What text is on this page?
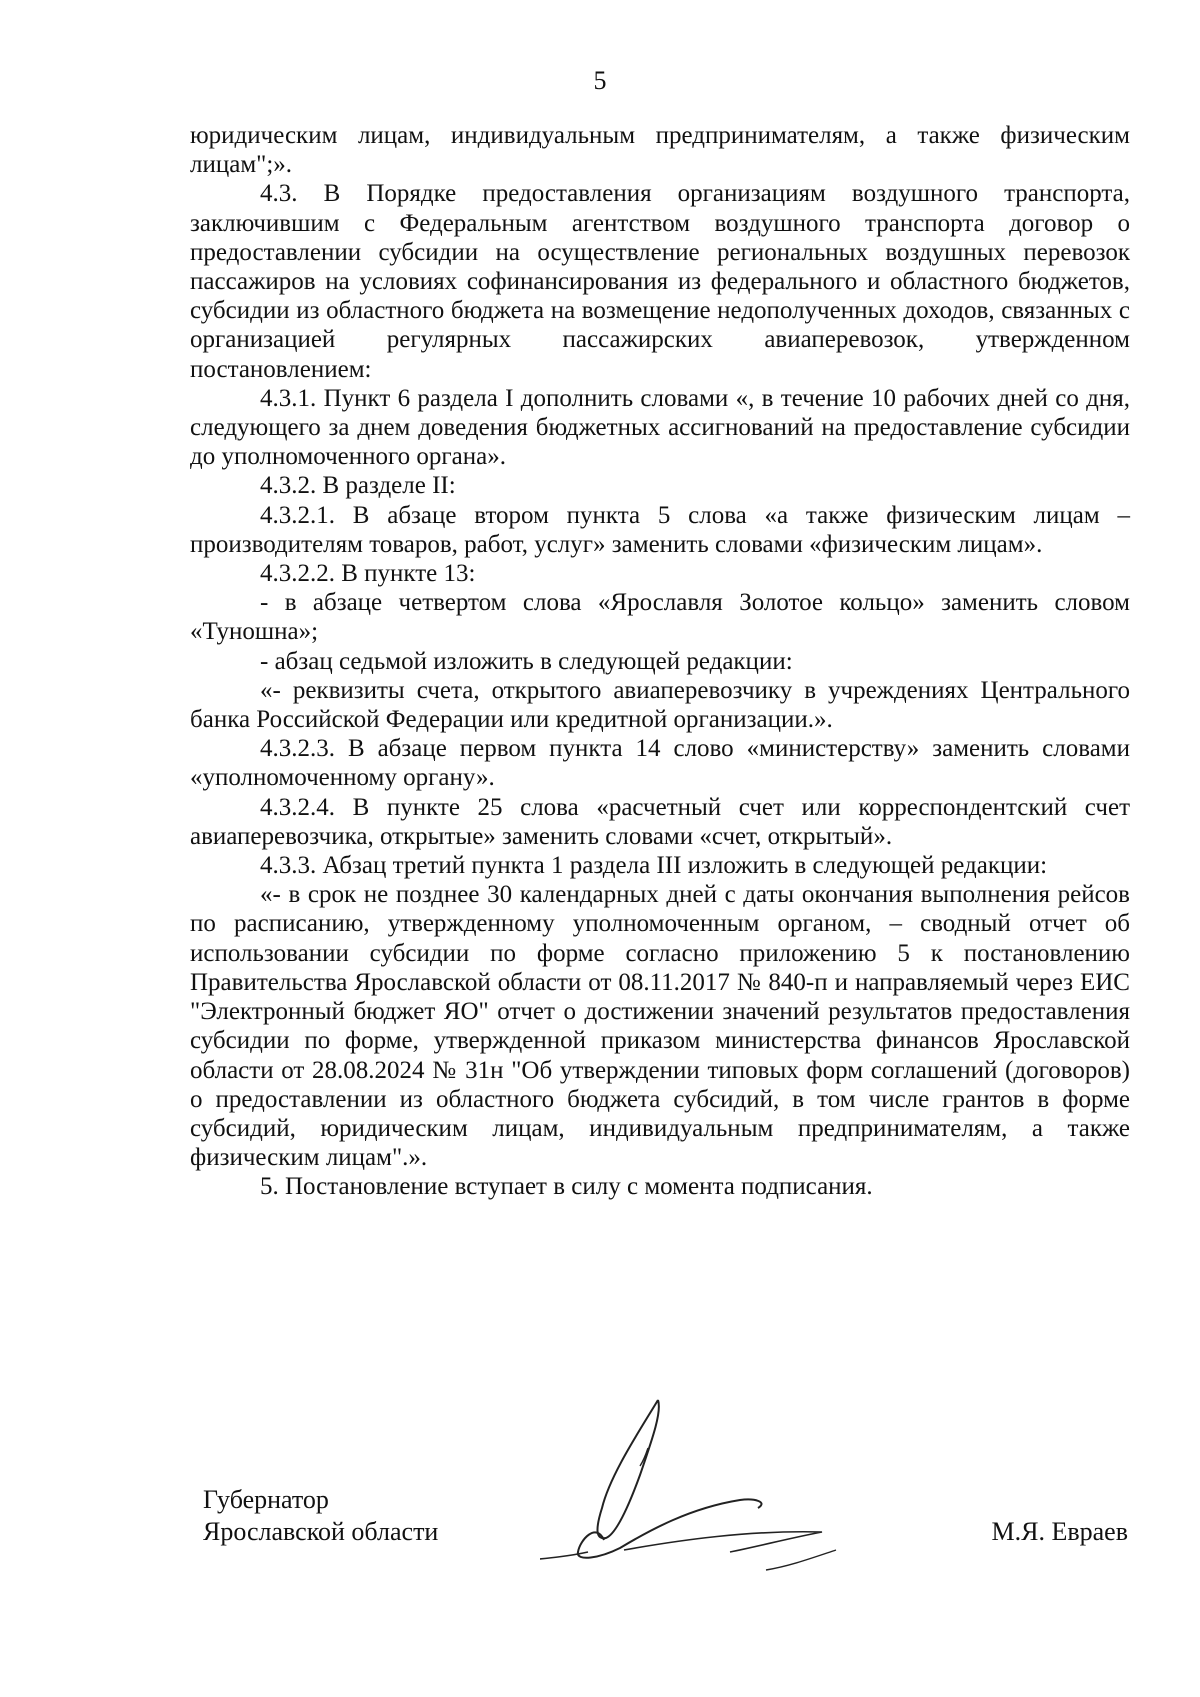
5

юридическим лицам, индивидуальным предпринимателям, а также физическим лицам";».

4.3. В Порядке предоставления организациям воздушного транспорта, заключившим с Федеральным агентством воздушного транспорта договор о предоставлении субсидии на осуществление региональных воздушных перевозок пассажиров на условиях софинансирования из федерального и областного бюджетов, субсидии из областного бюджета на возмещение недополученных доходов, связанных с организацией регулярных пассажирских авиаперевозок, утвержденном постановлением:

4.3.1. Пункт 6 раздела I дополнить словами «, в течение 10 рабочих дней со дня, следующего за днем доведения бюджетных ассигнований на предоставление субсидии до уполномоченного органа».

4.3.2. В разделе II:

4.3.2.1. В абзаце втором пункта 5 слова «а также физическим лицам – производителям товаров, работ, услуг» заменить словами «физическим лицам».

4.3.2.2. В пункте 13:

- в абзаце четвертом слова «Ярославля Золотое кольцо» заменить словом «Туношна»;

- абзац седьмой изложить в следующей редакции:

«- реквизиты счета, открытого авиаперевозчику в учреждениях Центрального банка Российской Федерации или кредитной организации.».

4.3.2.3. В абзаце первом пункта 14 слово «министерству» заменить словами «уполномоченному органу».

4.3.2.4. В пункте 25 слова «расчетный счет или корреспондентский счет авиаперевозчика, открытые» заменить словами «счет, открытый».

4.3.3. Абзац третий пункта 1 раздела III изложить в следующей редакции:

«- в срок не позднее 30 календарных дней с даты окончания выполнения рейсов по расписанию, утвержденному уполномоченным органом, – сводный отчет об использовании субсидии по форме согласно приложению 5 к постановлению Правительства Ярославской области от 08.11.2017 № 840-п и направляемый через ЕИС "Электронный бюджет ЯО" отчет о достижении значений результатов предоставления субсидии по форме, утвержденной приказом министерства финансов Ярославской области от 28.08.2024 № 31н "Об утверждении типовых форм соглашений (договоров) о предоставлении из областного бюджета субсидий, в том числе грантов в форме субсидий, юридическим лицам, индивидуальным предпринимателям, а также физическим лицам".».

5. Постановление вступает в силу с момента подписания.

Губернатор
Ярославской области	М.Я. Евраев
